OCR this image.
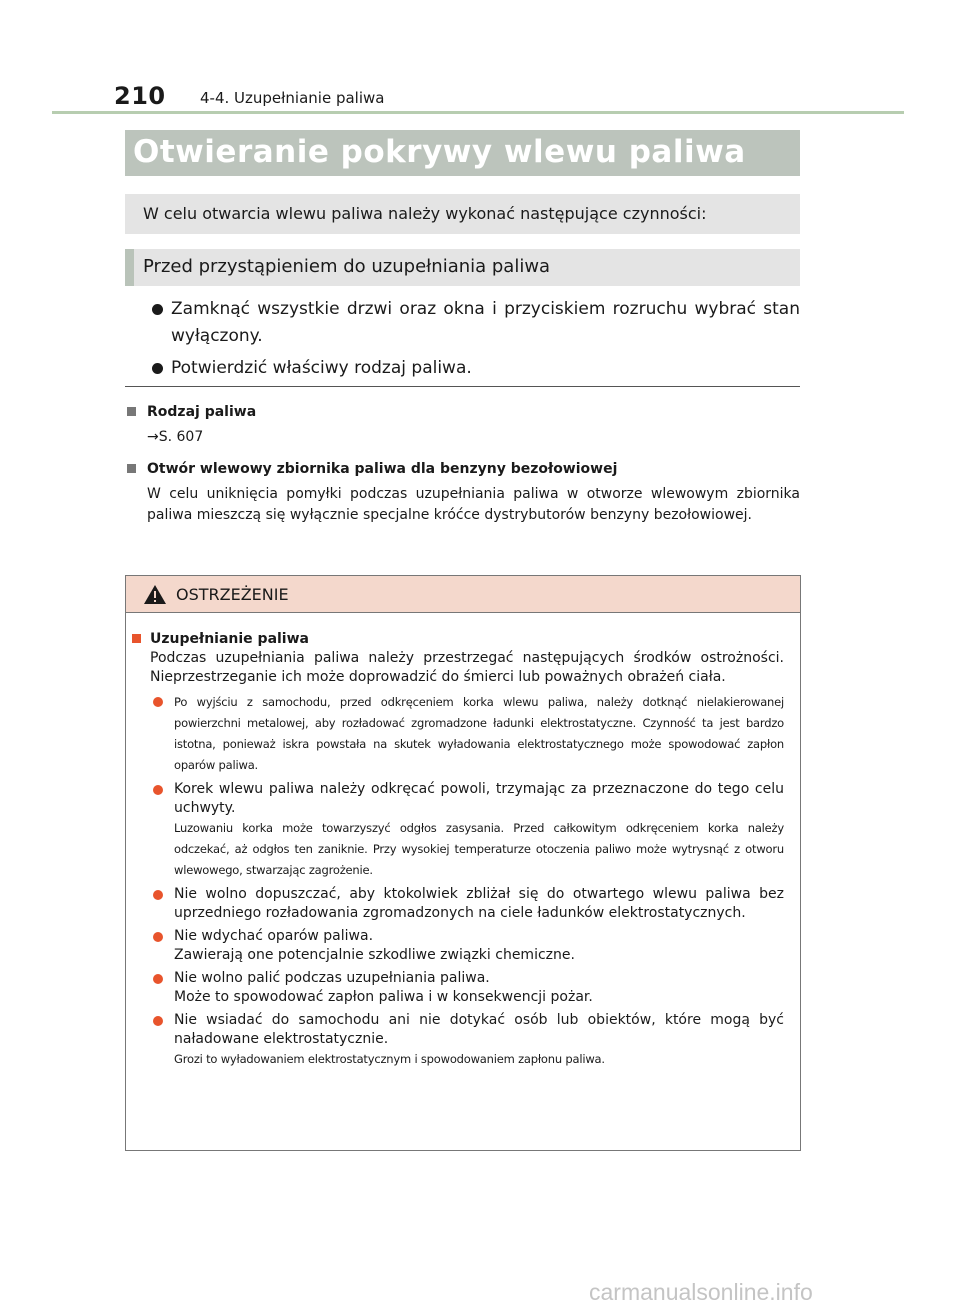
210 4-4. Uzupełnianie paliwa
Otwieranie pokrywy wlewu paliwa
W celu otwarcia wlewu paliwa należy wykonać następujące czynności:
Przed przystąpieniem do uzupełniania paliwa
Zamknąć wszystkie drzwi oraz okna i przyciskiem rozruchu wybrać stan wyłączony.
Potwierdzić właściwy rodzaj paliwa.
Rodzaj paliwa
→S. 607
Otwór wlewowy zbiornika paliwa dla benzyny bezołowiowej
W celu uniknięcia pomyłki podczas uzupełniania paliwa w otworze wlewowym zbiornika paliwa mieszczą się wyłącznie specjalne króćce dystrybutorów benzyny bezołowiowej.
OSTRZEŻENIE
Uzupełnianie paliwa
Podczas uzupełniania paliwa należy przestrzegać następujących środków ostrożności. Nieprzestrzeganie ich może doprowadzić do śmierci lub poważnych obrażeń ciała.
Po wyjściu z samochodu, przed odkręceniem korka wlewu paliwa, należy dotknąć nielakierowanej powierzchni metalowej, aby rozładować zgromadzone ładunki elektrostatyczne. Czynność ta jest bardzo istotna, ponieważ iskra powstała na skutek wyładowania elektrostatycznego może spowodować zapłon oparów paliwa.
Korek wlewu paliwa należy odkręcać powoli, trzymając za przeznaczone do tego celu uchwyty.
Luzowaniu korka może towarzyszyć odgłos zasysania. Przed całkowitym odkręceniem korka należy odczekać, aż odgłos ten zaniknie. Przy wysokiej temperaturze otoczenia paliwo może wytrysnąć z otworu wlewowego, stwarzając zagrożenie.
Nie wolno dopuszczać, aby ktokolwiek zbliżał się do otwartego wlewu paliwa bez uprzedniego rozładowania zgromadzonych na ciele ładunków elektrostatycznych.
Nie wdychać oparów paliwa.
Zawierają one potencjalnie szkodliwe związki chemiczne.
Nie wolno palić podczas uzupełniania paliwa.
Może to spowodować zapłon paliwa i w konsekwencji pożar.
Nie wsiadać do samochodu ani nie dotykać osób lub obiektów, które mogą być naładowane elektrostatycznie.
Grozi to wyładowaniem elektrostatycznym i spowodowaniem zapłonu paliwa.
carmanualsonline.info
